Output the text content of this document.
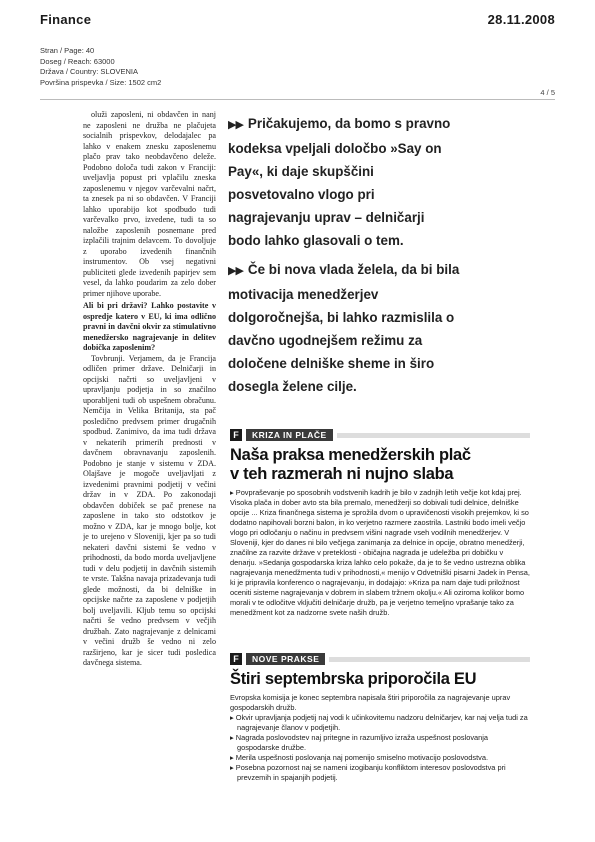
Finance	28.11.2008
Stran / Page: 40
Doseg / Reach: 63000
Država / Country: SLOVENIA
Površina prispevka / Size: 1502 cm2
4 / 5

oluži zaposleni, ni obdavčen in nanj ne zaposleni ne družba ne plačujeta socialnih prispevkov, delodajalec pa lahko v enakem znesku zaposlenemu plačo prav tako neobdavčeno deleže. Podobno določa tudi zakon v Franciji: uveljavlja popust pri vplačilu zneska zaposlenemu v njegov varčevalni načrt, ta znesek pa ni so obdavčen. V Franciji lahko uporabijo kot spodbudo tudi varčevalko prvo, izvedene, tudi ta so naložbe zaposlenih posnemane pred izplačili trajnim delavcem. To dovoljuje z uporabo izvedenih finančnih instrumentov. Ob vsej negativni publiciteti glede izvedenih papirjev sem vesel, da lahko poudarim za zelo dober primer njihove uporabe.

Ali bi pri državi? Lahko postavite v ospredje katero v EU, ki ima odlično pravni in davčni okvir za stimulativno menedžersko nagrajevanje in delitev dobička zaposlenim?

Tovbrunji. Verjamem, da je Francija odličen primer države. Delničarji in opcijski načrti so uveljavljeni v upravljanju podjetja in so značilno uporabljeni tudi ob uspešnem obračunu. Nemčija in Velika Britanija, sta pač posledično predvsem primer drugačnih spodbud. Zanimivo, da ima tudi država v nekaterih primerih prednosti v davčnem obravnavanju zaposlenih. Podobno je stanje v sistemu v ZDA. Olajšave je mogoče uveljavljati z izvedenimi pravnimi podjetij v večini držav in v ZDA. Po zakonodaji obdavčen dobiček se pač prenese na zaposlene in tako sto odstotkov je možno v ZDA, kar je mnogo bolje, kot je to urejeno v Sloveniji, kjer pa so tudi nekateri davčni sistemi še vedno v prihodnosti, da bodo morda uveljavljene tudi v delu podjetij in davčnih sistemih te vrste. Takšna navaja prizadevanja tudi glede možnosti, da bi delniške in opcijske načrte za zaposlene v podjetjih bolj uveljavili. Kljub temu so opcijski načrti še vedno predvsem v večjih družbah. Zato nagrajevanje z delnicami v večini družb še vedno ni zelo razširjeno, kar je sicer tudi posledica davčnega sistema.

▶▶ Pričakujemo, da bomo s pravno kodeksa vpeljali določbo »Say on Pay«, ki daje skupščini posvetovalno vlogo pri nagrajevanju uprav – delničarji bodo lahko glasovali o tem.

▶▶ Če bi nova vlada želela, da bi bila motivacija menedžerjev dolgoročnejša, bi lahko razmislila o davčno ugodnejšem režimu za določene delniške sheme in širo dosegla želene cilje.

F	KRIZA IN PLAČE
Naša praksa menedžerskih plač
v teh razmerah ni nujno slaba

▸ Povpraševanje po sposobnih vodstvenih kadrih je bilo v zadnjih letih večje kot kdaj prej. Visoka plača in dober avto sta bila premalo, menedžerji so dobivali tudi delnice, delniške opcije ... Kriza finančnega sistema je sprožila dvom o upravičenosti visokih prejemkov, ki so dodatno napihovali borzni balon, in ko verjetno razmere zaostrila. Lastniki bodo imeli večjo vlogo pri odločanju o načinu in predvsem višini nagrade vseh vodilnih menedžerjev. V Sloveniji, kjer do danes ni bilo večjega zanimanja za delnice in opcije, obratno menedžerji, značilne za razvite države v preteklosti - običajna nagrada je udeležba pri dobičku v denarju. »Sedanja gospodarska kriza lahko celo pokaže, da je to še vedno ustrezna oblika nagrajevanja menedžmenta tudi v prihodnosti,« menijo v Odvetniški pisarni Jadek in Pensa, ki je pripravila konferenco o nagrajevanju, in dodajajo: »Kriza pa nam daje tudi priložnost oceniti sisteme nagrajevanja v dobrem in slabem tržnem okolju.« Ali oziroma kolikor bomo morali v te odločitve vključiti delničarje družb, pa je verjetno temeljno vprašanje tako za menedžment kot za nadzorne svete naših družb.

F	NOVE PRAKSE
Štiri septembrska priporočila EU

Evropska komisija je konec septembra napisala štiri priporočila za nagrajevanje uprav gospodarskih družb.

▸ Okvir upravljanja podjetij naj vodi k učinkovitemu nadzoru delničarjev, kar naj velja tudi za nagrajevanje članov v podjetjih.
▸ Nagrada poslovodstev naj pritegne in razumljivo izraža uspešnost poslovanja gospodarske družbe.
▸ Merila uspešnosti poslovanja naj pomenijo smiselno motivacijo poslovodstva.
▸ Posebna pozornost naj se nameni izogibanju konfliktom interesov poslovodstva pri prevzemih in spajanjih podjetij.
